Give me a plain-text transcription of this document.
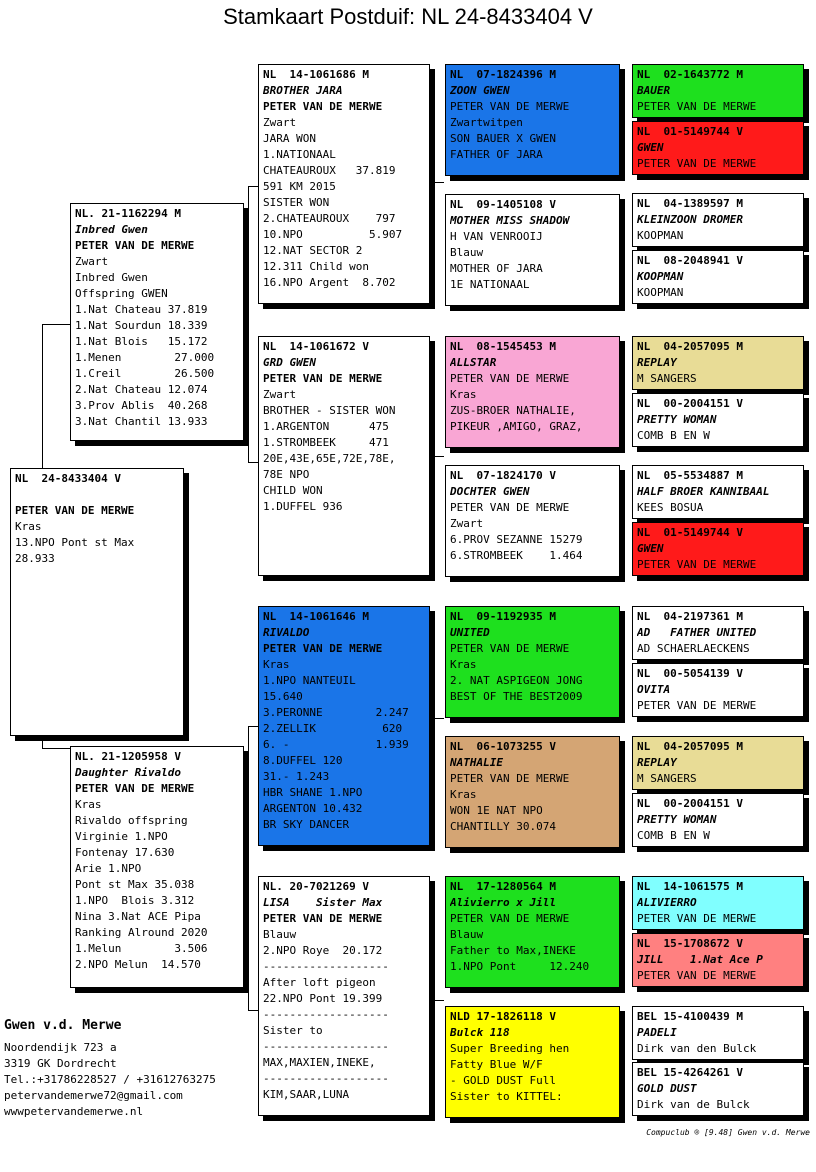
Stamkaart Postduif: NL 24-8433404 V
NL  24-8433404 V
PETER VAN DE MERWE
Kras
13.NPO Pont st Max
28.933
NL. 21-1162294 M
Inbred Gwen
PETER VAN DE MERWE
Zwart
Inbred Gwen
Offspring GWEN
1.Nat Chateau 37.819
1.Nat Sourdun 18.339
1.Nat Blois   15.172
1.Menen        27.000
1.Creil        26.500
2.Nat Chateau 12.074
3.Prov Ablis  40.268
3.Nat Chantil 13.933
NL. 21-1205958 V
Daughter Rivaldo
PETER VAN DE MERWE
Kras
Rivaldo offspring
Virginie 1.NPO
Fontenay 17.630
Arie 1.NPO
Pont st Max 35.038
1.NPO  Blois 3.312
Nina 3.Nat ACE Pipa
Ranking Alround 2020
1.Melun        3.506
2.NPO Melun  14.570
NL  14-1061686 M
BROTHER JARA
PETER VAN DE MERWE
Zwart
JARA WON
1.NATIONAAL
CHATEAUROUX   37.819
591 KM 2015
SISTER WON
2.CHATEAUROUX    797
10.NPO          5.907
12.NAT SECTOR 2
12.311 Child won
16.NPO Argent  8.702
NL  14-1061672 V
GRD GWEN
PETER VAN DE MERWE
Zwart
BROTHER - SISTER WON
1.ARGENTON      475
1.STROMBEEK     471
20E,43E,65E,72E,78E,
78E NPO
CHILD WON
1.DUFFEL 936
NL  14-1061646 M
RIVALDO
PETER VAN DE MERWE
Kras
1.NPO NANTEUIL
15.640
3.PERONNE        2.247
2.ZELLIK          620
6. -             1.939
8.DUFFEL 120
31.- 1.243
HBR SHANE 1.NPO
ARGENTON 10.432
BR SKY DANCER
NL. 20-7021269 V
LISA    Sister Max
PETER VAN DE MERWE
Blauw
2.NPO Roye  20.172
-------------------
After loft pigeon
22.NPO Pont 19.399
-------------------
Sister to
-------------------
MAX,MAXIEN,INEKE,
-------------------
KIM,SAAR,LUNA
NL  07-1824396 M
ZOON GWEN
PETER VAN DE MERWE
Zwartwitpen
SON BAUER X GWEN
FATHER OF JARA
NL  09-1405108 V
MOTHER MISS SHADOW
H VAN VENROOIJ
Blauw
MOTHER OF JARA
1E NATIONAAL
NL  08-1545453 M
ALLSTAR
PETER VAN DE MERWE
Kras
ZUS-BROER NATHALIE,
PIKEUR ,AMIGO, GRAZ,
NL  07-1824170 V
DOCHTER GWEN
PETER VAN DE MERWE
Zwart
6.PROV SEZANNE 15279
6.STROMBEEK    1.464
NL  09-1192935 M
UNITED
PETER VAN DE MERWE
Kras
2. NAT ASPIGEON JONG
BEST OF THE BEST2009
NL  06-1073255 V
NATHALIE
PETER VAN DE MERWE
Kras
WON 1E NAT NPO
CHANTILLY 30.074
NL  17-1280564 M
Alivierro x Jill
PETER VAN DE MERWE
Blauw
Father to Max,INEKE
1.NPO Pont     12.240
NLD 17-1826118 V
Bulck 118
Super Breeding hen
Fatty Blue W/F
- GOLD DUST Full
Sister to KITTEL:
NL  02-1643772 M
BAUER
PETER VAN DE MERWE
NL  01-5149744 V
GWEN
PETER VAN DE MERWE
NL  04-1389597 M
KLEINZOON DROMER
KOOPMAN
NL  08-2048941 V
KOOPMAN
KOOPMAN
NL  04-2057095 M
REPLAY
M SANGERS
NL  00-2004151 V
PRETTY WOMAN
COMB B EN W
NL  05-5534887 M
HALF BROER KANNIBAAL
KEES BOSUA
NL  01-5149744 V
GWEN
PETER VAN DE MERWE
NL  04-2197361 M
AD   FATHER UNITED
AD SCHAERLAECKENS
NL  00-5054139 V
OVITA
PETER VAN DE MERWE
NL  04-2057095 M
REPLAY
M SANGERS
NL  00-2004151 V
PRETTY WOMAN
COMB B EN W
NL  14-1061575 M
ALIVIERRO
PETER VAN DE MERWE
NL  15-1708672 V
JILL    1.Nat Ace P
PETER VAN DE MERWE
BEL 15-4100439 M
PADELI
Dirk van den Bulck
BEL 15-4264261 V
GOLD DUST
Dirk van de Bulck
Gwen v.d. Merwe
Noordendijk 723 a
3319 GK Dordrecht
Tel.:+31786228527 / +31612763275
petervandemerwe72@gmail.com
wwwpetervandemerwe.nl
Compuclub ® [9.48] Gwen v.d. Merwe
